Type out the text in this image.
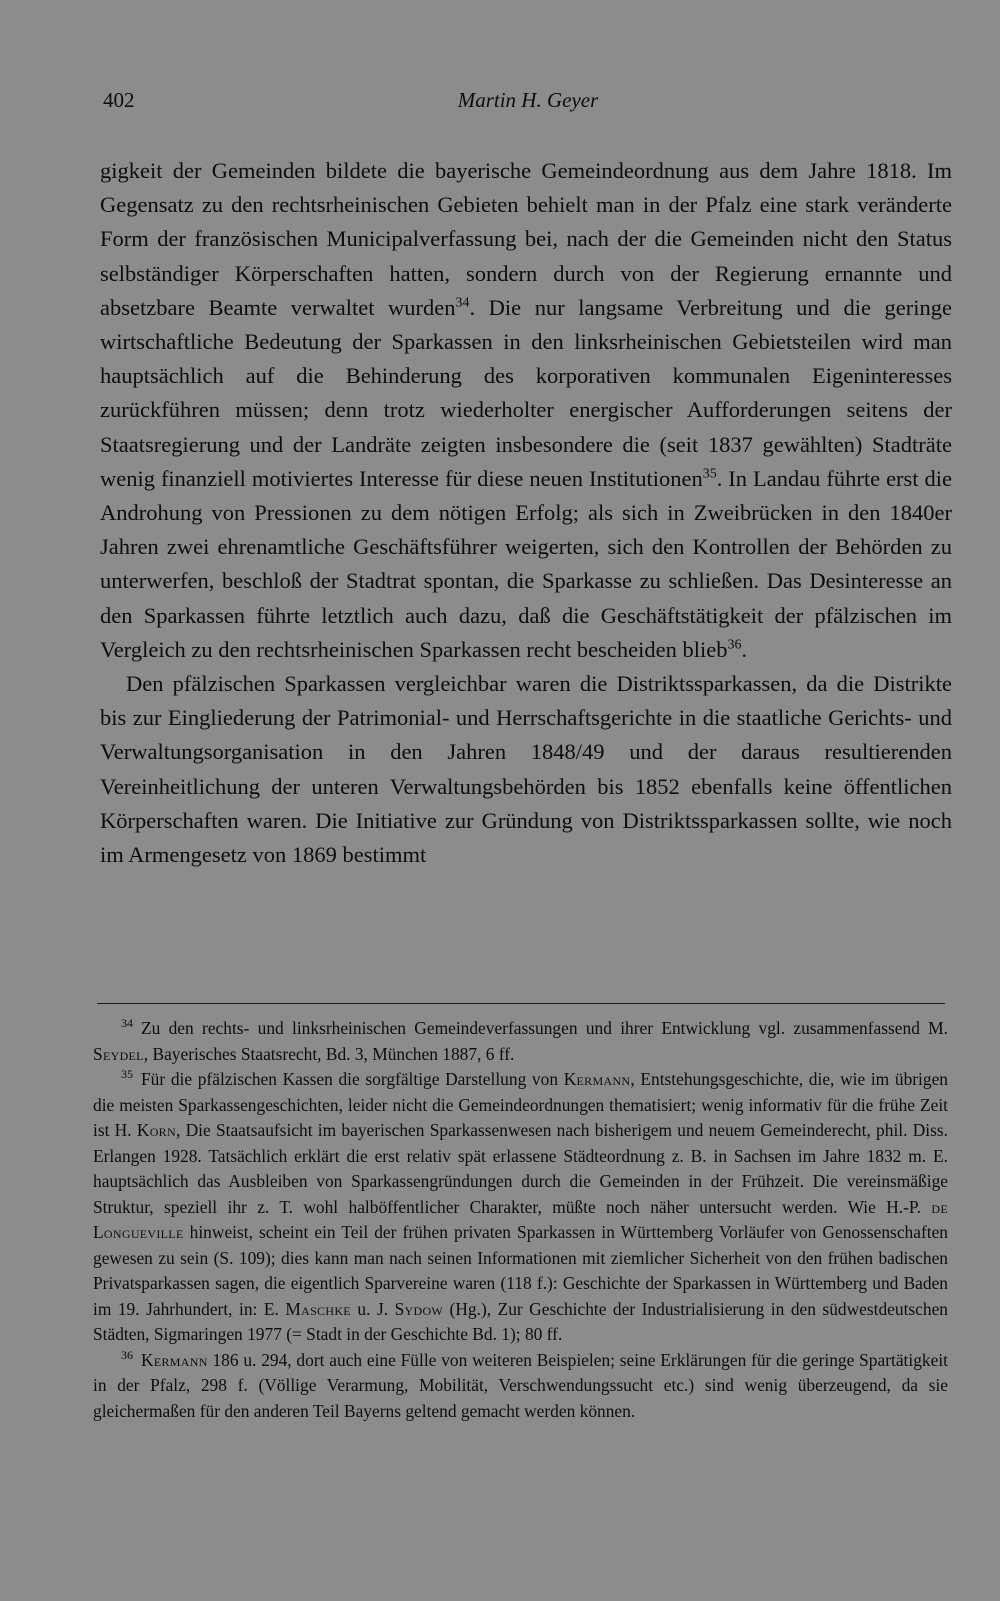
402	Martin H. Geyer

gigkeit der Gemeinden bildete die bayerische Gemeindeordnung aus dem Jahre 1818. Im Gegensatz zu den rechtsrheinischen Gebieten behielt man in der Pfalz eine stark veränderte Form der französischen Municipalverfassung bei, nach der die Gemeinden nicht den Status selbständiger Körperschaften hatten, sondern durch von der Regierung ernannte und absetzbare Beamte verwaltet wurden$^{34}$. Die nur langsame Verbreitung und die geringe wirtschaftliche Bedeutung der Sparkassen in den linksrheinischen Gebietsteilen wird man hauptsächlich auf die Behinderung des korporativen kommunalen Eigeninteresses zurückführen müssen; denn trotz wiederholter energischer Aufforderungen seitens der Staatsregierung und der Landräte zeigten insbesondere die (seit 1837 gewählten) Stadträte wenig finanziell motiviertes Interesse für diese neuen Institutionen$^{35}$. In Landau führte erst die Androhung von Pressionen zu dem nötigen Erfolg; als sich in Zweibrücken in den 1840er Jahren zwei ehrenamtliche Geschäftsführer weigerten, sich den Kontrollen der Behörden zu unterwerfen, beschloß der Stadtrat spontan, die Sparkasse zu schließen. Das Desinteresse an den Sparkassen führte letztlich auch dazu, daß die Geschäftstätigkeit der pfälzischen im Vergleich zu den rechtsrheinischen Sparkassen recht bescheiden blieb$^{36}$.

Den pfälzischen Sparkassen vergleichbar waren die Distriktssparkassen, da die Distrikte bis zur Eingliederung der Patrimonial- und Herrschaftsgerichte in die staatliche Gerichts- und Verwaltungsorganisation in den Jahren 1848/49 und der daraus resultierenden Vereinheitlichung der unteren Verwaltungsbehörden bis 1852 ebenfalls keine öffentlichen Körperschaften waren. Die Initiative zur Gründung von Distriktssparkassen sollte, wie noch im Armengesetz von 1869 bestimmt

$^{34}$ Zu den rechts- und linksrheinischen Gemeindeverfassungen und ihrer Entwicklung vgl. zusammenfassend M. Seydel, Bayerisches Staatsrecht, Bd. 3, München 1887, 6 ff.

$^{35}$ Für die pfälzischen Kassen die sorgfältige Darstellung von Kermann, Entstehungsgeschichte, die, wie im übrigen die meisten Sparkassengeschichten, leider nicht die Gemeindeordnungen thematisiert; wenig informativ für die frühe Zeit ist H. Korn, Die Staatsaufsicht im bayerischen Sparkassenwesen nach bisherigem und neuem Gemeinderecht, phil. Diss. Erlangen 1928. Tatsächlich erklärt die erst relativ spät erlassene Städteordnung z. B. in Sachsen im Jahre 1832 m. E. hauptsächlich das Ausbleiben von Sparkassengründungen durch die Gemeinden in der Frühzeit. Die vereinsmäßige Struktur, speziell ihr z. T. wohl halböffentlicher Charakter, müßte noch näher untersucht werden. Wie H.-P. de Longueville hinweist, scheint ein Teil der frühen privaten Sparkassen in Württemberg Vorläufer von Genossenschaften gewesen zu sein (S. 109); dies kann man nach seinen Informationen mit ziemlicher Sicherheit von den frühen badischen Privatsparkassen sagen, die eigentlich Sparvereine waren (118 f.): Geschichte der Sparkassen in Württemberg und Baden im 19. Jahrhundert, in: E. Maschke u. J. Sydow (Hg.), Zur Geschichte der Industrialisierung in den südwestdeutschen Städten, Sigmaringen 1977 (= Stadt in der Geschichte Bd. 1); 80 ff.

$^{36}$ Kermann 186 u. 294, dort auch eine Fülle von weiteren Beispielen; seine Erklärungen für die geringe Spartätigkeit in der Pfalz, 298 f. (Völlige Verarmung, Mobilität, Verschwendungssucht etc.) sind wenig überzeugend, da sie gleichermaßen für den anderen Teil Bayerns geltend gemacht werden können.
